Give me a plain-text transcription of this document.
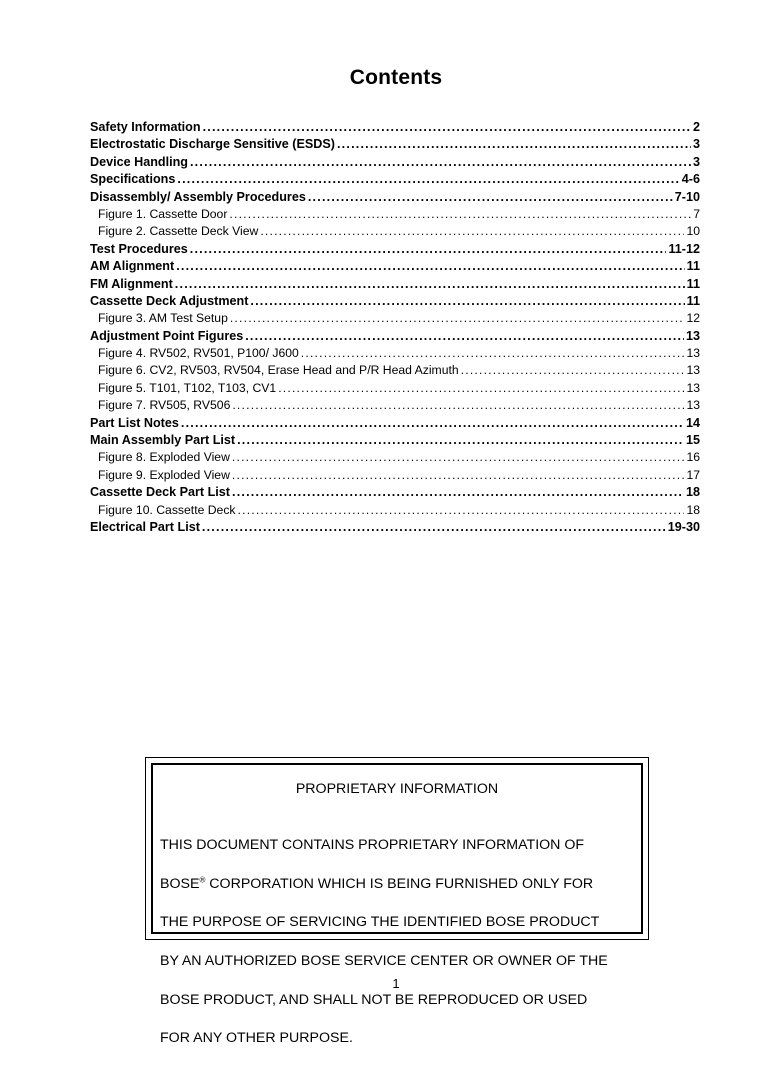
Contents
Safety Information .....	2
Electrostatic Discharge Sensitive (ESDS) .....	3
Device Handling .....	3
Specifications .....	4-6
Disassembly/ Assembly Procedures .....	7-10
Figure 1. Cassette Door .....	7
Figure 2. Cassette Deck View .....	10
Test Procedures .....	11-12
AM Alignment .....	11
FM Alignment .....	11
Cassette Deck Adjustment .....	11
Figure 3. AM Test Setup .....	12
Adjustment Point Figures .....	13
Figure 4. RV502, RV501, P100/ J600 .....	13
Figure 6. CV2, RV503, RV504, Erase Head and P/R Head Azimuth .....	13
Figure 5. T101, T102, T103, CV1 .....	13
Figure 7. RV505, RV506 .....	13
Part List Notes .....	14
Main Assembly Part List .....	15
Figure 8. Exploded View .....	16
Figure 9. Exploded View .....	17
Cassette Deck Part List .....	18
Figure 10. Cassette Deck .....	18
Electrical Part List .....	19-30
PROPRIETARY INFORMATION

THIS DOCUMENT CONTAINS PROPRIETARY INFORMATION OF

BOSE® CORPORATION WHICH IS BEING FURNISHED ONLY FOR

THE PURPOSE OF SERVICING THE IDENTIFIED BOSE PRODUCT

BY AN AUTHORIZED BOSE SERVICE CENTER OR OWNER OF THE

BOSE PRODUCT, AND SHALL NOT BE REPRODUCED OR USED

FOR ANY OTHER PURPOSE.

1
